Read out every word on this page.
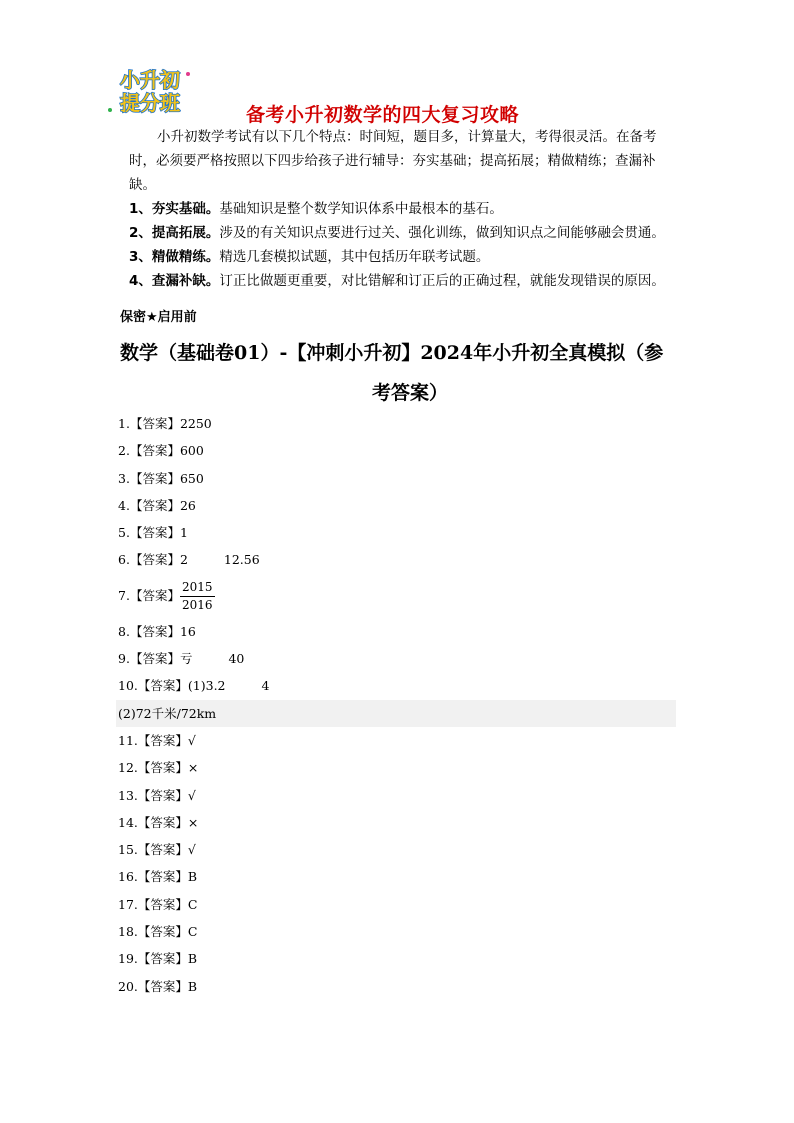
小升初
提分班	备考小升初数学的四大复习攻略

小升初数学考试有以下几个特点：时间短，题目多，计算量大，考得很灵活。在备考时，必须要严格按照以下四步给孩子进行辅导：夯实基础；提高拓展；精做精练；查漏补缺。

1、夯实基础。基础知识是整个数学知识体系中最根本的基石。
2、提高拓展。涉及的有关知识点要进行过关、强化训练，做到知识点之间能够融会贯通。
3、精做精练。精选几套模拟试题，其中包括历年联考试题。
4、查漏补缺。订正比做题更重要，对比错解和订正后的正确过程，就能发现错误的原因。
保密★启用前
数学（基础卷01）-【冲刺小升初】2024年小升初全真模拟（参
考答案）
1.【答案】2250
2.【答案】600
3.【答案】650
4.【答案】26
5.【答案】1
6.【答案】2	12.56
7.【答案】 $\frac{2015}{2016}$
8.【答案】16
9.【答案】亏	40
10.【答案】(1)3.2	4
(2)72千米/72km
11.【答案】√
12.【答案】×
13.【答案】√
14.【答案】×
15.【答案】√
16.【答案】B
17.【答案】C
18.【答案】C
19.【答案】B
20.【答案】B
